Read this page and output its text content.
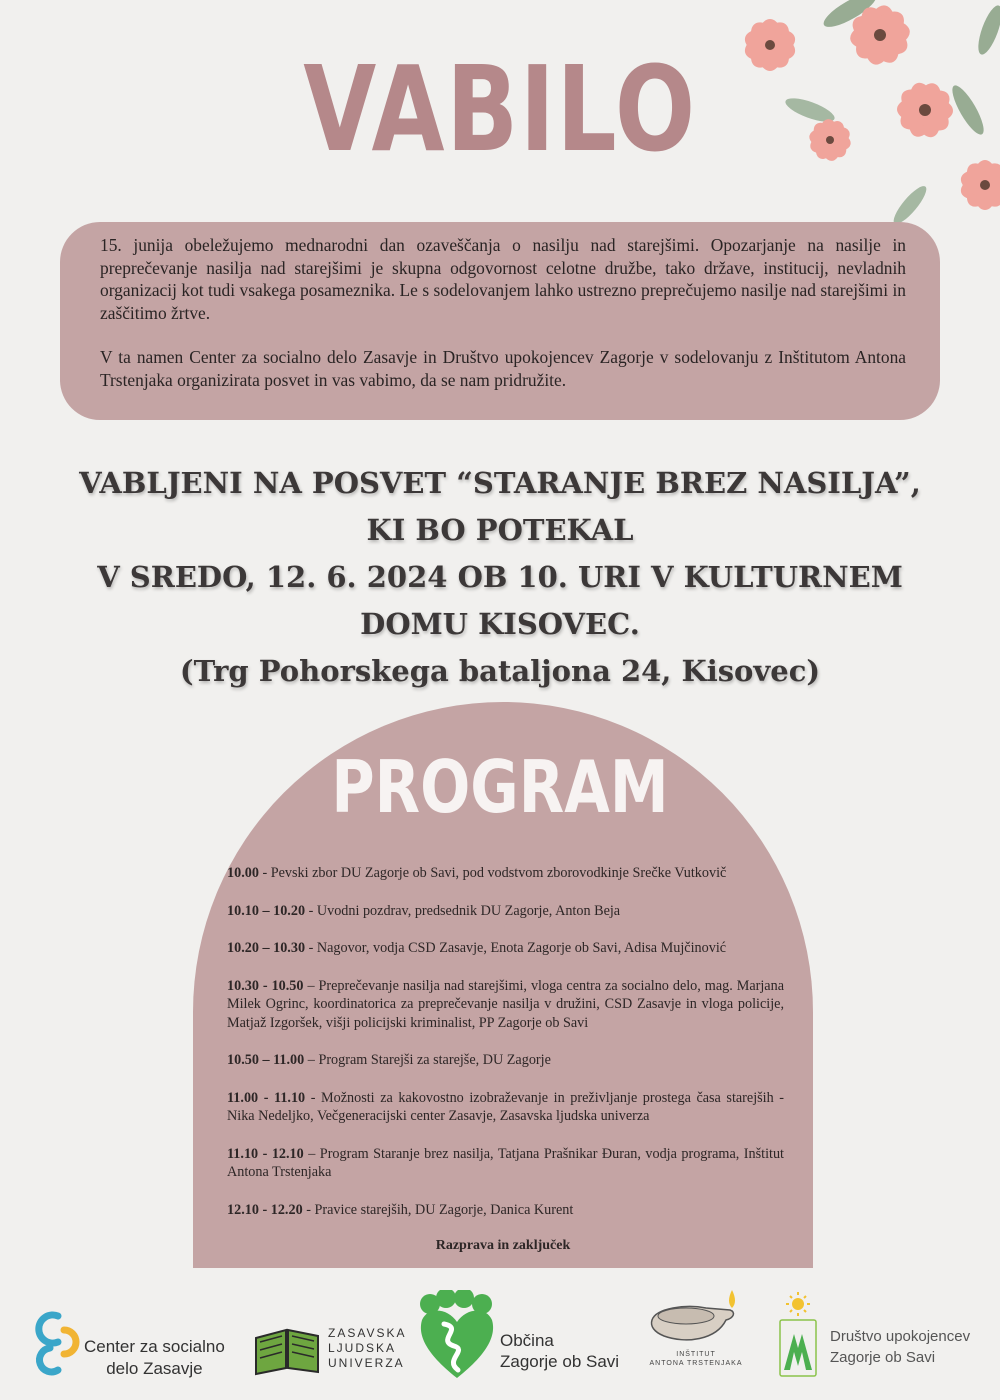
VABILO

15. junija obeležujemo mednarodni dan ozaveščanja o nasilju nad starejšimi. Opozarjanje na nasilje in preprečevanje nasilja nad starejšimi je skupna odgovornost celotne družbe, tako države, institucij, nevladnih organizacij kot tudi vsakega posameznika. Le s sodelovanjem lahko ustrezno preprečujemo nasilje nad starejšimi in zaščitimo žrtve.

V ta namen Center za socialno delo Zasavje in Društvo upokojencev Zagorje v sodelovanju z Inštitutom Antona Trstenjaka organizirata posvet in vas vabimo, da se nam pridružite.

VABLJENI NA POSVET “STARANJE BREZ NASILJA”,
KI BO POTEKAL
V SREDO, 12. 6. 2024 OB 10. URI V KULTURNEM
DOMU KISOVEC.
(Trg Pohorskega bataljona 24, Kisovec)
PROGRAM
10.00 - Pevski zbor DU Zagorje ob Savi, pod vodstvom zborovodkinje Srečke Vutkovič
10.10 – 10.20 - Uvodni pozdrav, predsednik DU Zagorje, Anton Beja
10.20 – 10.30 - Nagovor, vodja CSD Zasavje, Enota Zagorje ob Savi, Adisa Mujčinović
10.30 - 10.50 – Preprečevanje nasilja nad starejšimi, vloga centra za socialno delo, mag. Marjana Milek Ogrinc, koordinatorica za preprečevanje nasilja v družini, CSD Zasavje in vloga policije, Matjaž Izgoršek, višji policijski kriminalist, PP Zagorje ob Savi
10.50 – 11.00 – Program Starejši za starejše, DU Zagorje
11.00 - 11.10 - Možnosti za kakovostno izobraževanje in preživljanje prostega časa starejših - Nika Nedeljko, Večgeneracijski center Zasavje, Zasavska ljudska univerza
11.10 - 12.10 – Program Staranje brez nasilja, Tatjana Prašnikar Đuran, vodja programa, Inštitut Antona Trstenjaka
12.10 - 12.20 - Pravice starejših, DU Zagorje, Danica Kurent
Razprava in zaključek
Center za socialno
delo Zasavje
ZASAVSKA
LJUDSKA
UNIVERZA
Občina
Zagorje ob Savi	INŠTITUT
ANTONA TRSTENJAKA
Društvo upokojencev
Zagorje ob Savi
